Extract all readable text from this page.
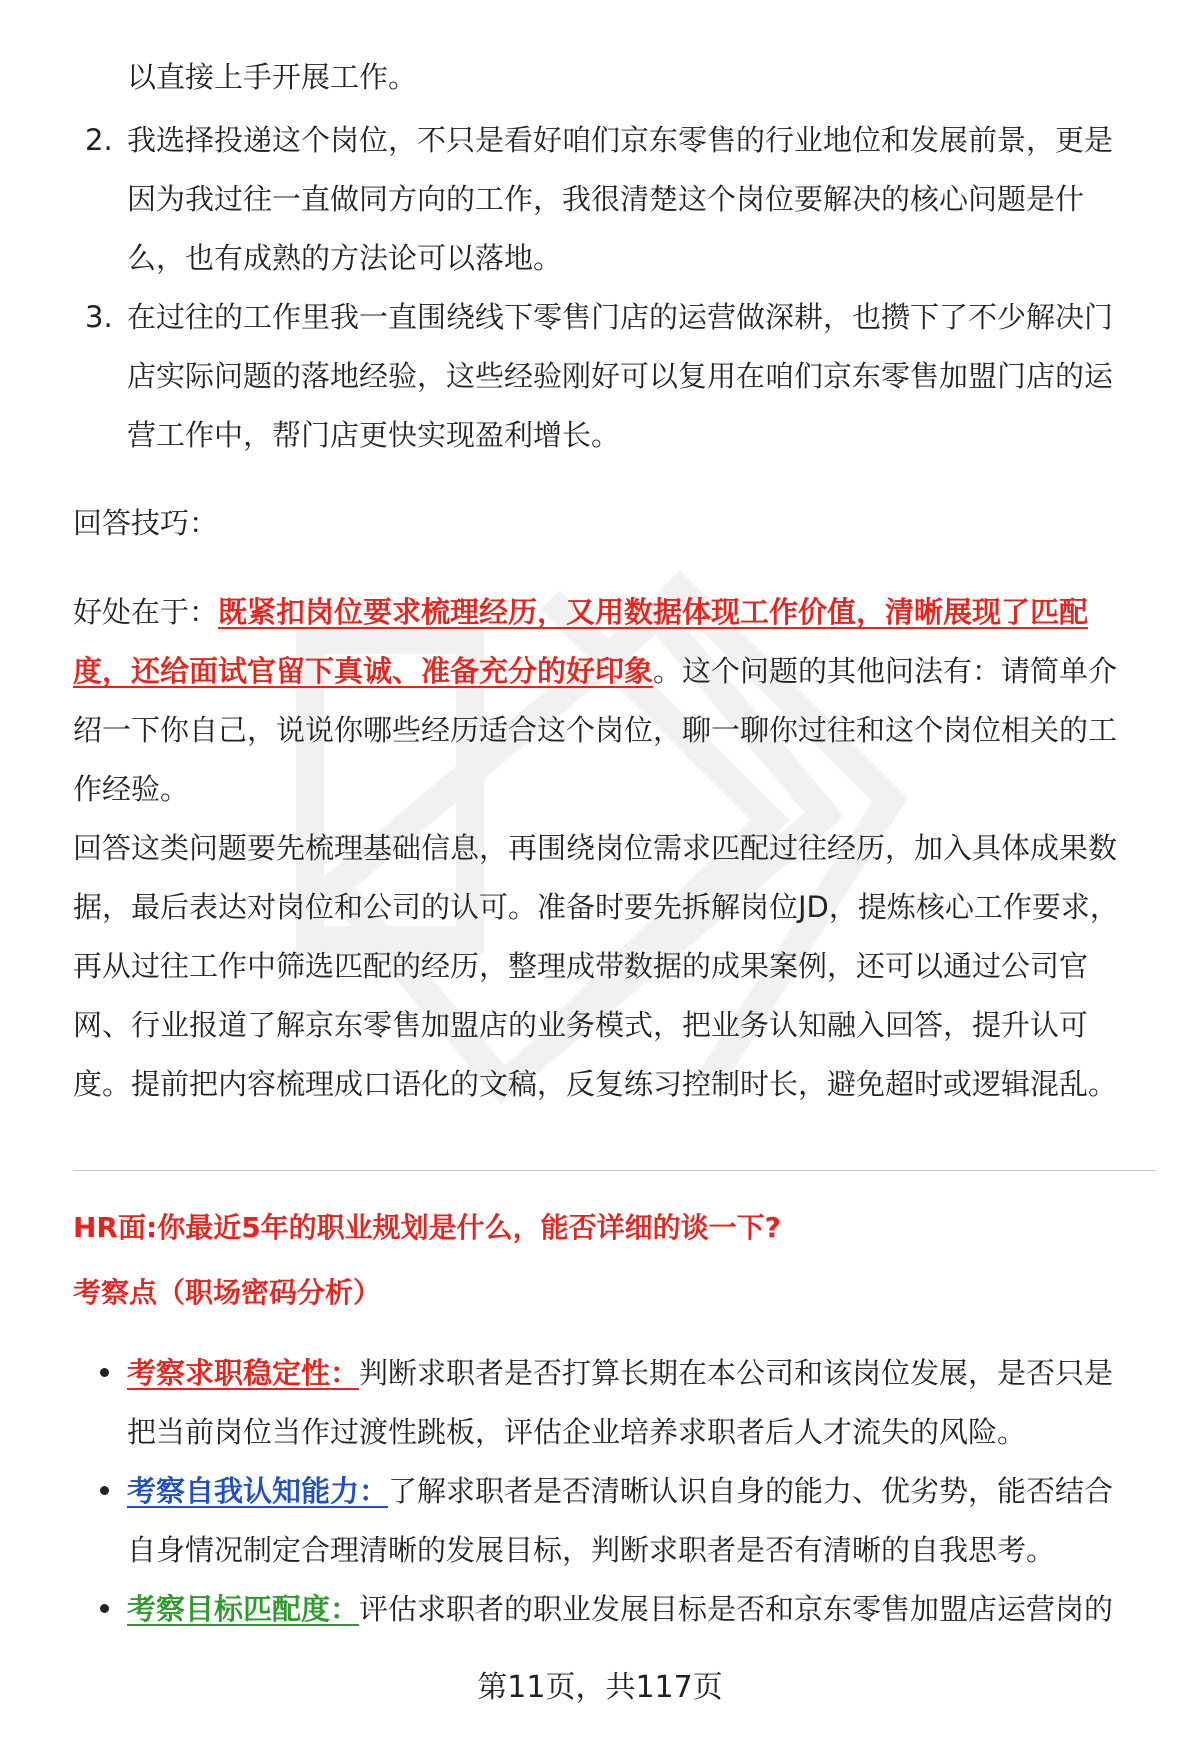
以直接上手开展工作。
2. 我选择投递这个岗位，不只是看好咱们京东零售的行业地位和发展前景，更是
因为我过往一直做同方向的工作，我很清楚这个岗位要解决的核心问题是什
么，也有成熟的方法论可以落地。
3. 在过往的工作里我一直围绕线下零售门店的运营做深耕，也攒下了不少解决门
店实际问题的落地经验，这些经验刚好可以复用在咱们京东零售加盟门店的运
营工作中，帮门店更快实现盈利增长。
回答技巧：
好处在于：既紧扣岗位要求梳理经历，又用数据体现工作价值，清晰展现了匹配
度，还给面试官留下真诚、准备充分的好印象。这个问题的其他问法有：请简单介
绍一下你自己，说说你哪些经历适合这个岗位，聊一聊你过往和这个岗位相关的工
作经验。
回答这类问题要先梳理基础信息，再围绕岗位需求匹配过往经历，加入具体成果数
据，最后表达对岗位和公司的认可。准备时要先拆解岗位JD，提炼核心工作要求，
再从过往工作中筛选匹配的经历，整理成带数据的成果案例，还可以通过公司官
网、行业报道了解京东零售加盟店的业务模式，把业务认知融入回答，提升认可
度。提前把内容梳理成口语化的文稿，反复练习控制时长，避免超时或逻辑混乱。
HR面:你最近5年的职业规划是什么，能否详细的谈一下?
考察点（职场密码分析）
考察求职稳定性：判断求职者是否打算长期在本公司和该岗位发展，是否只是
把当前岗位当作过渡性跳板，评估企业培养求职者后人才流失的风险。
考察自我认知能力：了解求职者是否清晰认识自身的能力、优劣势，能否结合
自身情况制定合理清晰的发展目标，判断求职者是否有清晰的自我思考。
考察目标匹配度：评估求职者的职业发展目标是否和京东零售加盟店运营岗的
第11页，共117页
